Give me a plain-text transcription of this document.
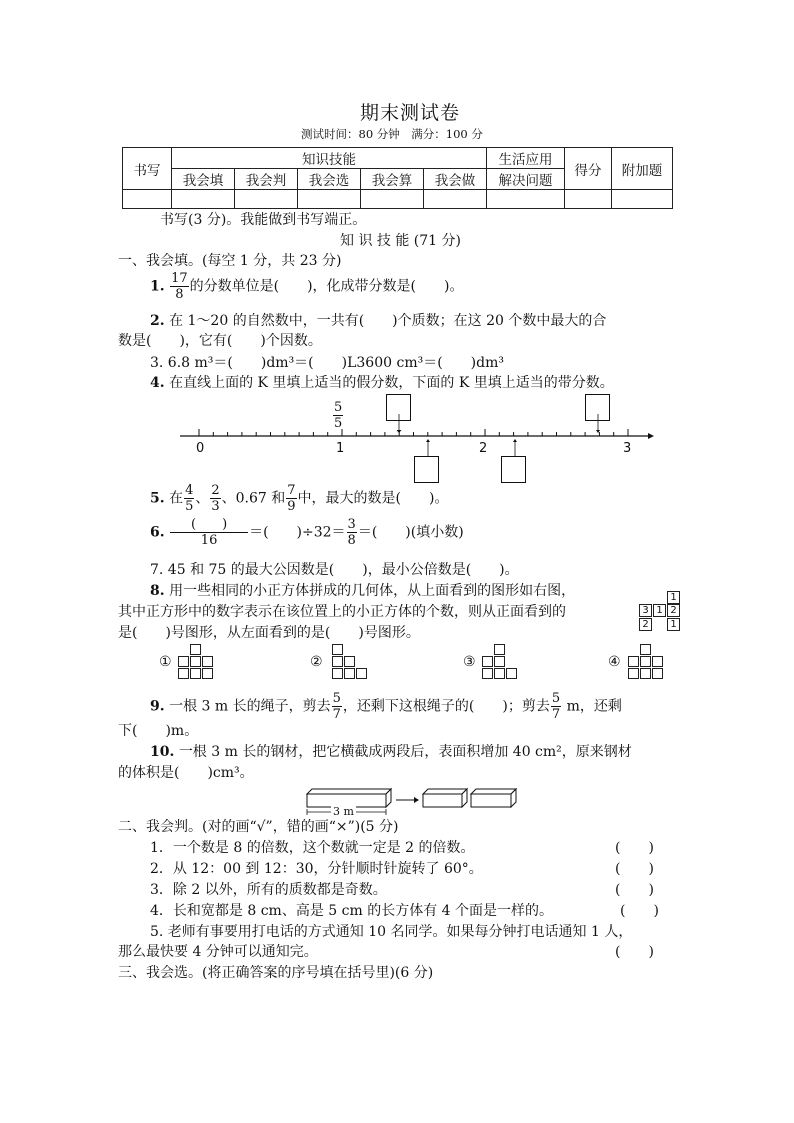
期末测试卷
测试时间：80 分钟　满分：100 分
书写	知识技能					生活应用	得分	附加题
	我会填	我会判	我会选	我会算	我会做	解决问题		

书写(3 分)。我能做到书写端正。
知 识 技 能 (71 分)
一、我会填。(每空 1 分，共 23 分)
1. $\frac{17}{8}$ 的分数单位是(　　)，化成带分数是(　　)。
2. 在 1～20 的自然数中，一共有(　　)个质数；在这 20 个数中最大的合
数是(　　)，它有(　　)个因数。
3. 6.8 m³＝(　　)dm³＝(　　)L3600 cm³＝(　　)dm³
4. 在直线上面的 K 里填上适当的假分数，下面的 K 里填上适当的带分数。
$\frac{5}{5}$
0	1	2	3
5. 在 $\frac{4}{5}$ 、 $\frac{2}{3}$ 、0.67 和 $\frac{7}{9}$ 中，最大的数是(　　)。
6. $\frac{( )}{16}$ ＝(　　)$\div 32= \frac{3}{8}$ ＝(　　)(填小数)
7. 45 和 75 的最大公因数是(　　)，最小公倍数是(　　)。
8. 用一些相同的小正方体拼成的几何体，从上面看到的图形如右图，
其中正方形中的数字表示在该位置上的小正方体的个数，则从正面看到的
是(　　)号图形，从左面看到的是(　　)号图形。
1
3 1 2
2	1
①	②	③	④
9. 一根 3 m 长的绳子，剪去 $\frac{5}{7}$ ，还剩下这根绳子的(　　)；剪去 $\frac{5}{7}$ m，还剩
下(　　)m。
10. 一根 3 m 长的钢材，把它横截成两段后，表面积增加 40 cm²，原来钢材
的体积是(　　)cm³。
3 m
二、我会判。(对的画“√”，错的画“×”)(5 分)
1．一个数是 8 的倍数，这个数就一定是 2 的倍数。	(　　)
2．从 12：00 到 12：30，分针顺时针旋转了 60°。	(　　)
3．除 2 以外，所有的质数都是奇数。	(　　)
4．长和宽都是 8 cm、高是 5 cm 的长方体有 4 个面是一样的。	(　　)
5. 老师有事要用打电话的方式通知 10 名同学。如果每分钟打电话通知 1 人，
那么最快要 4 分钟可以通知完。	(　　)
三、我会选。(将正确答案的序号填在括号里)(6 分)
